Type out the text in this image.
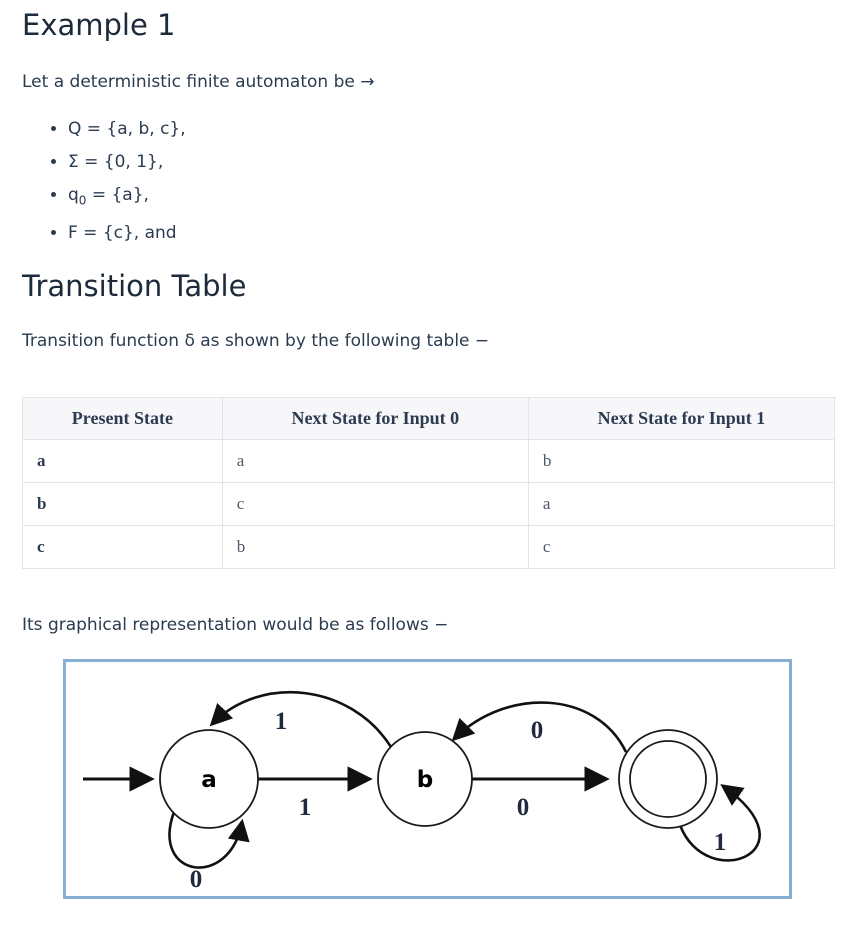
Example 1

Let a deterministic finite automaton be →

• Q = {a, b, c},
• Σ = {0, 1},
• $q_0 = \{a\}$,
• F = {c}, and
Transition Table

Transition function δ as shown by the following table −

Present State	Next State for Input 0	Next State for Input 1
a	a	b
b	c	a
c	b	c

Its graphical representation would be as follows −

a	b
1
1
0
0
0
1
